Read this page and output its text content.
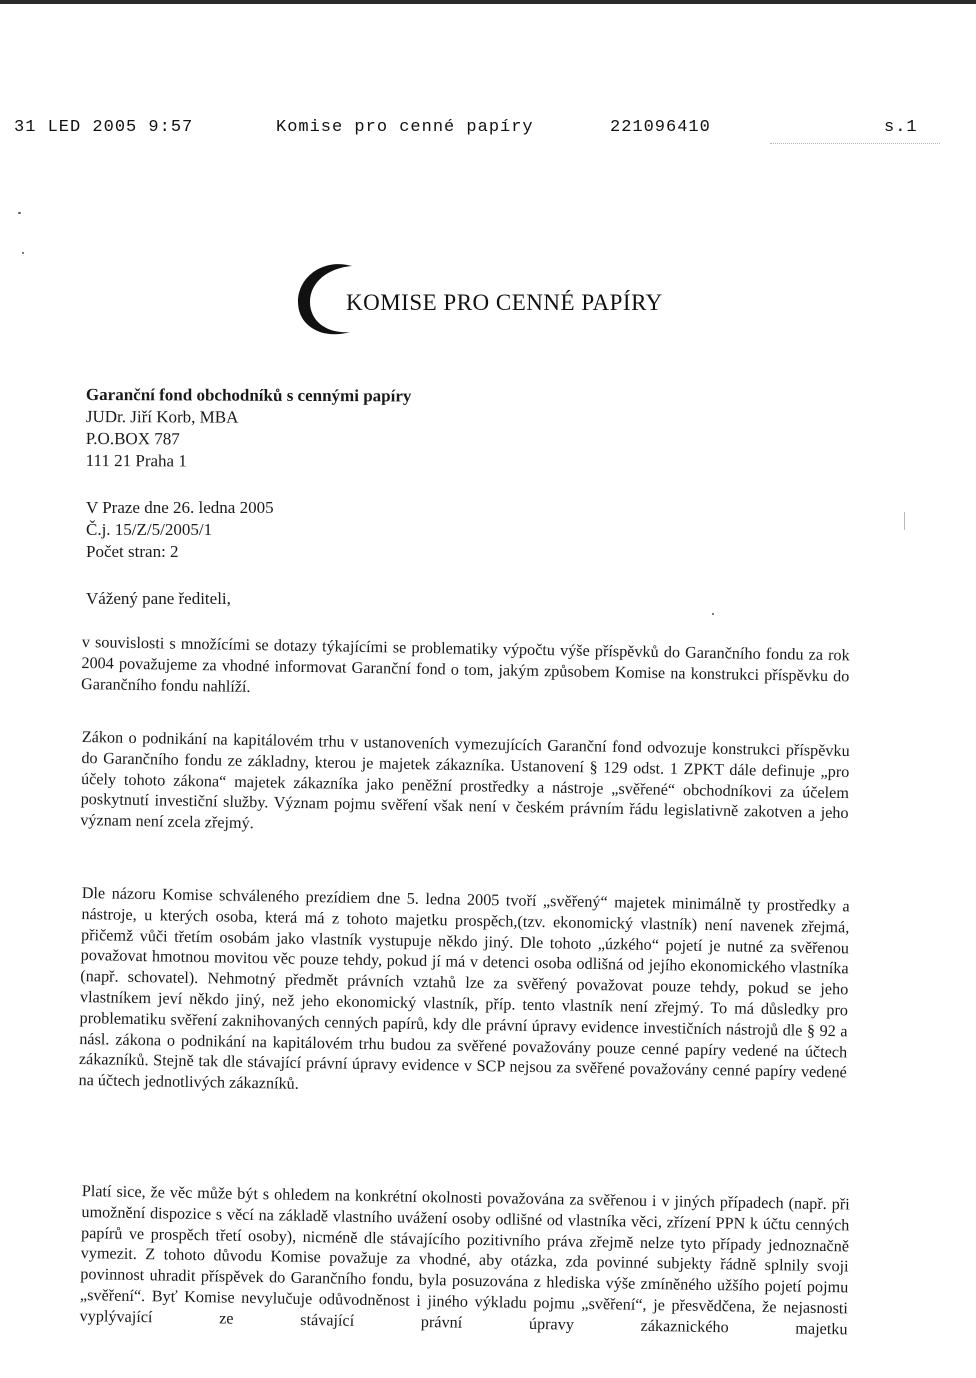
31 LED 2005 9:57	Komise pro cenné papíry	221096410	s.1
KOMISE PRO CENNÉ PAPÍRY
Garanční fond obchodníků s cennými papíry
JUDr. Jiří Korb, MBA
P.O.BOX 787
111 21 Praha 1
V Praze dne 26. ledna 2005
Č.j. 15/Z/5/2005/1
Počet stran: 2
Vážený pane řediteli,

v souvislosti s množícími se dotazy týkajícími se problematiky výpočtu výše příspěvků do Garančního fondu za rok 2004 považujeme za vhodné informovat Garanční fond o tom, jakým způsobem Komise na konstrukci příspěvku do Garančního fondu nahlíží.

Zákon o podnikání na kapitálovém trhu v ustanoveních vymezujících Garanční fond odvozuje konstrukci příspěvku do Garančního fondu ze základny, kterou je majetek zákazníka. Ustanovení § 129 odst. 1 ZPKT dále definuje „pro účely tohoto zákona“ majetek zákazníka jako peněžní prostředky a nástroje „svěřené“ obchodníkovi za účelem poskytnutí investiční služby. Význam pojmu svěření však není v českém právním řádu legislativně zakotven a jeho význam není zcela zřejmý.

Dle názoru Komise schváleného prezídiem dne 5. ledna 2005 tvoří „svěřený“ majetek minimálně ty prostředky a nástroje, u kterých osoba, která má z tohoto majetku prospěch,(tzv. ekonomický vlastník) není navenek zřejmá, přičemž vůči třetím osobám jako vlastník vystupuje někdo jiný. Dle tohoto „úzkého“ pojetí je nutné za svěřenou považovat hmotnou movitou věc pouze tehdy, pokud jí má v detenci osoba odlišná od jejího ekonomického vlastníka (např. schovatel). Nehmotný předmět právních vztahů lze za svěřený považovat pouze tehdy, pokud se jeho vlastníkem jeví někdo jiný, než jeho ekonomický vlastník, příp. tento vlastník není zřejmý. To má důsledky pro problematiku svěření zaknihovaných cenných papírů, kdy dle právní úpravy evidence investičních nástrojů dle § 92 a násl. zákona o podnikání na kapitálovém trhu budou za svěřené považovány pouze cenné papíry vedené na účtech zákazníků. Stejně tak dle stávající právní úpravy evidence v SCP nejsou za svěřené považovány cenné papíry vedené na účtech jednotlivých zákazníků.

Platí sice, že věc může být s ohledem na konkrétní okolnosti považována za svěřenou i v jiných případech (např. při umožnění dispozice s věcí na základě vlastního uvážení osoby odlišné od vlastníka věci, zřízení PPN k účtu cenných papírů ve prospěch třetí osoby), nicméně dle stávajícího pozitivního práva zřejmě nelze tyto případy jednoznačně vymezit. Z tohoto důvodu Komise považuje za vhodné, aby otázka, zda povinné subjekty řádně splnily svoji povinnost uhradit příspěvek do Garančního fondu, byla posuzována z hlediska výše zmíněného užšího pojetí pojmu „svěření“. Byť Komise nevylučuje odůvodněnost i jiného výkladu pojmu „svěření“, je přesvědčena, že nejasnosti vyplývající ze stávající právní úpravy zákaznického majetku
